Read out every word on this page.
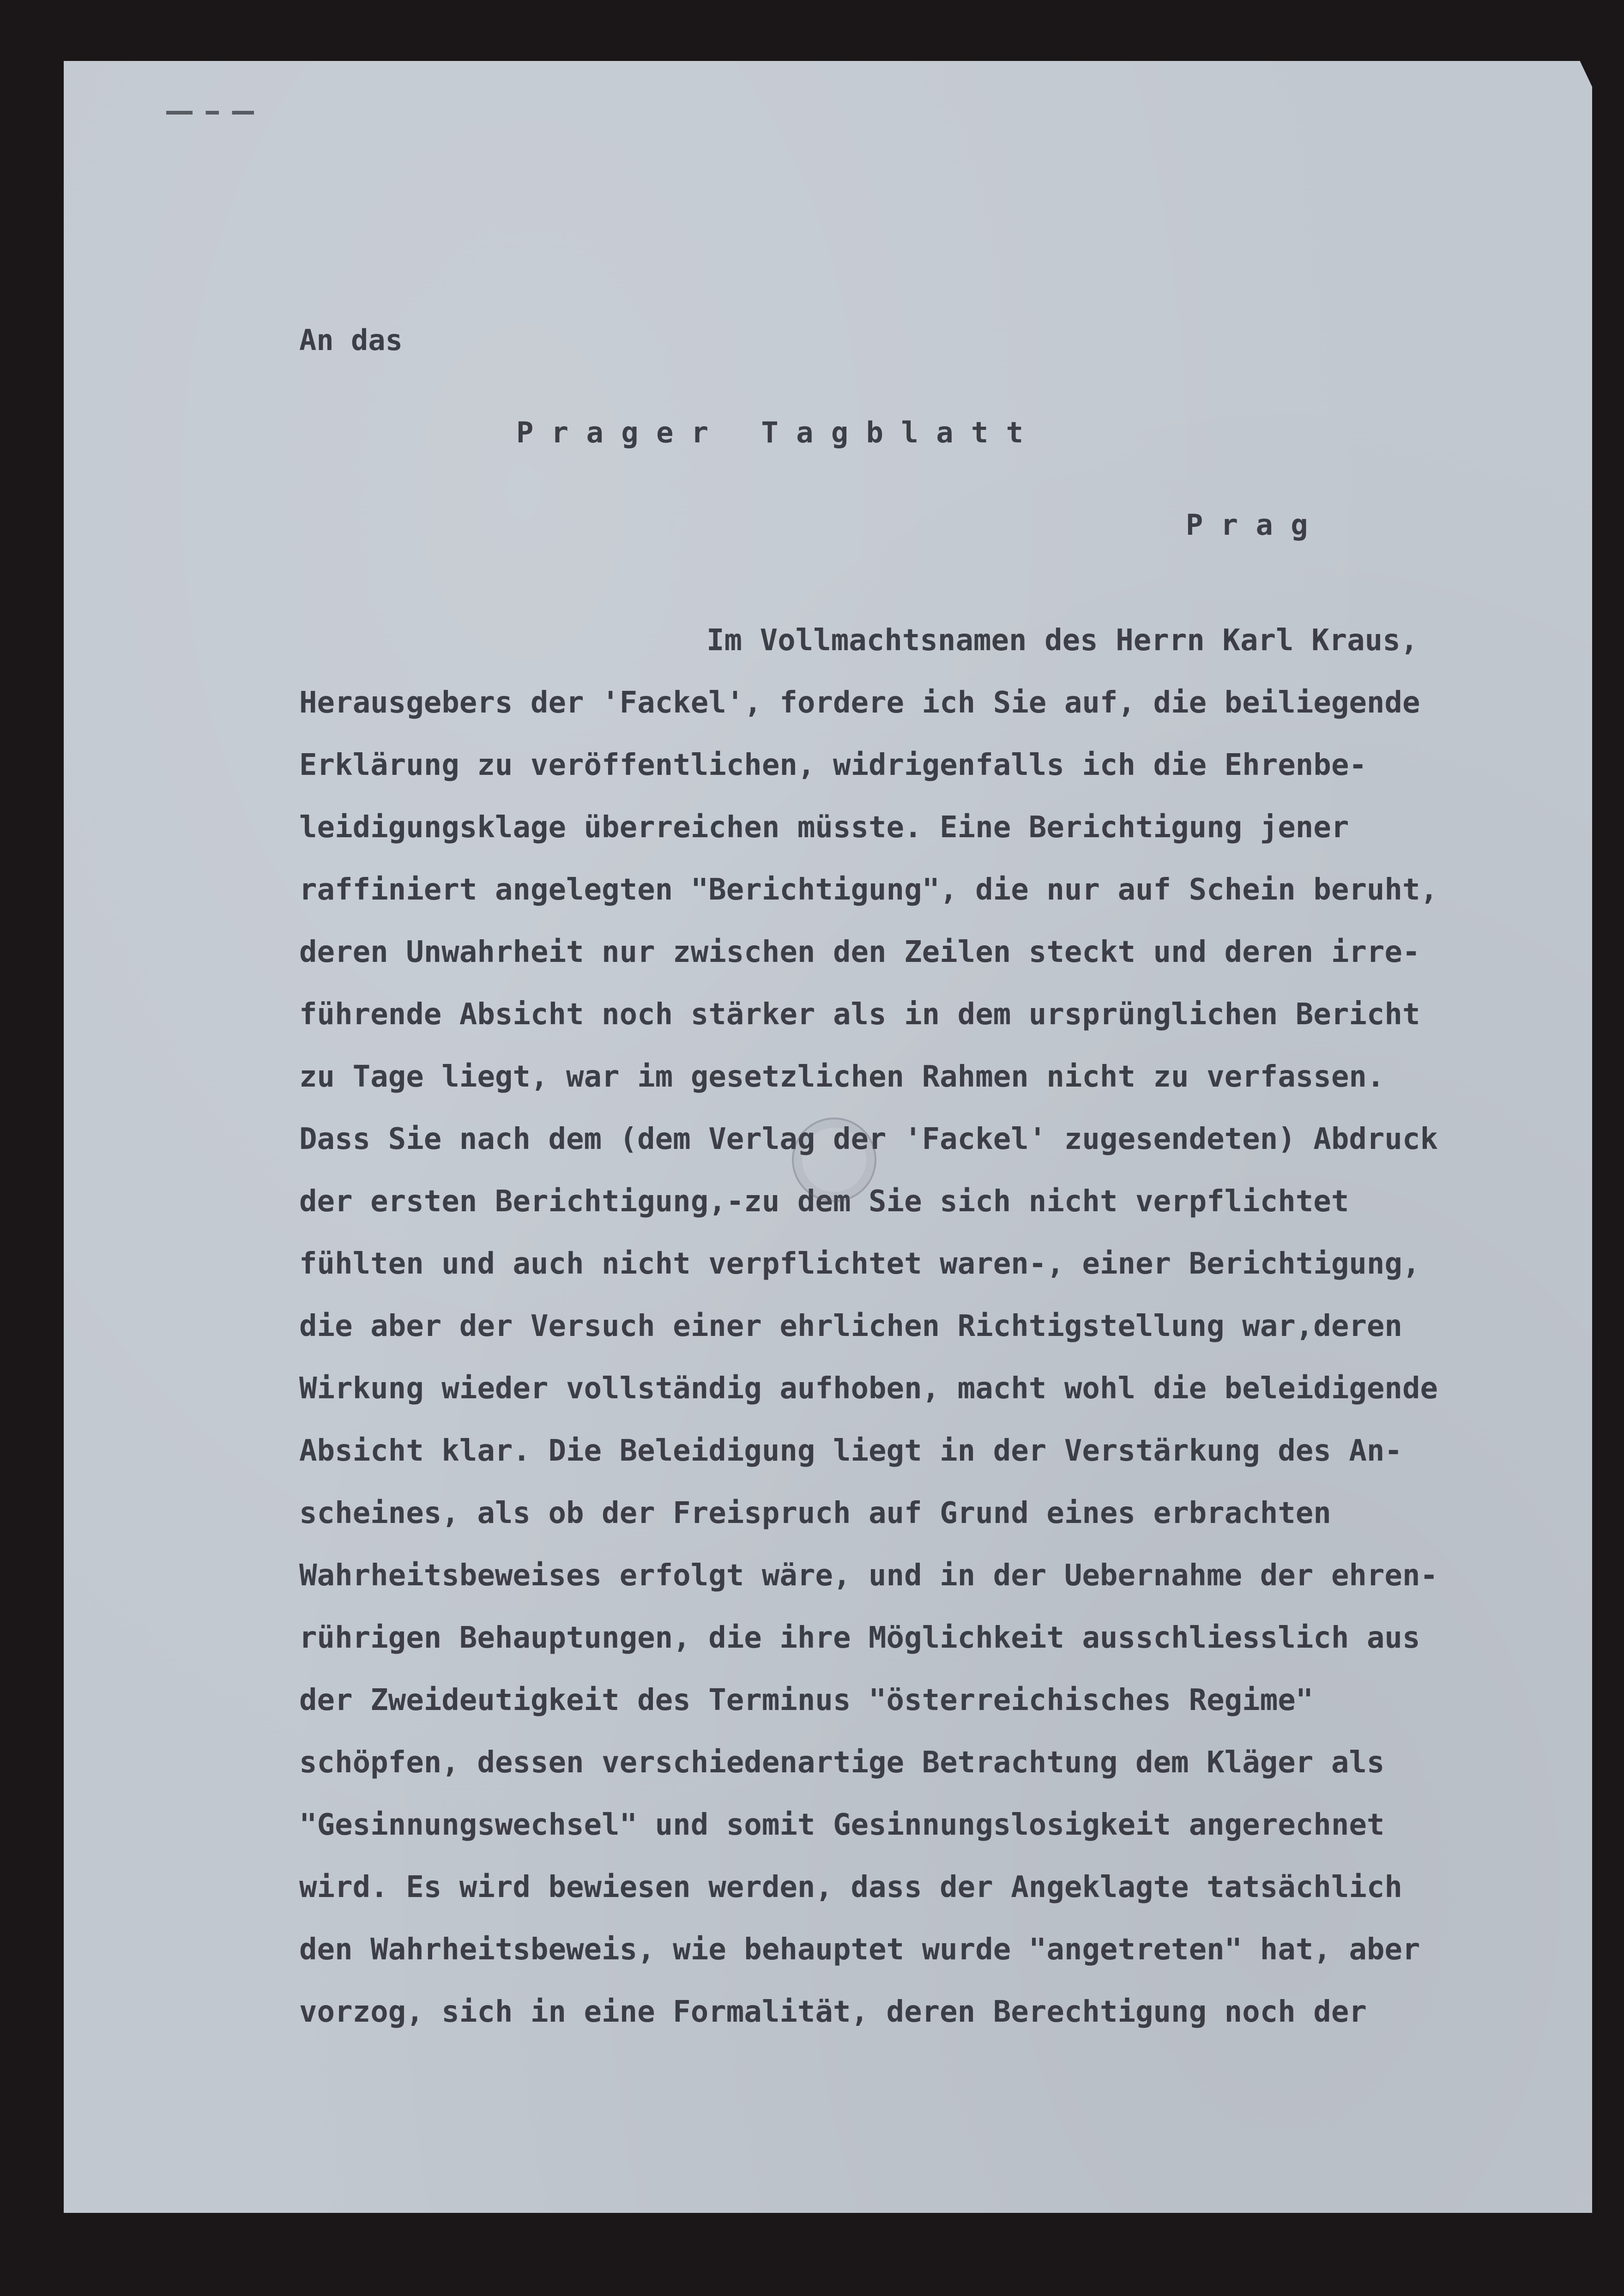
An das

Prager Tagblatt

Prag

Im Vollmachtsnamen des Herrn Karl Kraus,

Herausgebers der 'Fackel', fordere ich Sie auf, die beiliegende

Erklärung zu veröffentlichen, widrigenfalls ich die Ehrenbe-

leidigungsklage überreichen müsste. Eine Berichtigung jener

raffiniert angelegten "Berichtigung", die nur auf Schein beruht,

deren Unwahrheit nur zwischen den Zeilen steckt und deren irre-

führende Absicht noch stärker als in dem ursprünglichen Bericht

zu Tage liegt, war im gesetzlichen Rahmen nicht zu verfassen.

Dass Sie nach dem (dem Verlag der 'Fackel' zugesendeten) Abdruck

der ersten Berichtigung,-zu dem Sie sich nicht verpflichtet

fühlten und auch nicht verpflichtet waren-, einer Berichtigung,

die aber der Versuch einer ehrlichen Richtigstellung war,deren

Wirkung wieder vollständig aufhoben, macht wohl die beleidigende

Absicht klar. Die Beleidigung liegt in der Verstärkung des An-

scheines, als ob der Freispruch auf Grund eines erbrachten

Wahrheitsbeweises erfolgt wäre, und in der Uebernahme der ehren-

rührigen Behauptungen, die ihre Möglichkeit ausschliesslich aus

der Zweideutigkeit des Terminus "österreichisches Regime"

schöpfen, dessen verschiedenartige Betrachtung dem Kläger als

"Gesinnungswechsel" und somit Gesinnungslosigkeit angerechnet

wird. Es wird bewiesen werden, dass der Angeklagte tatsächlich

den Wahrheitsbeweis, wie behauptet wurde "angetreten" hat, aber

vorzog, sich in eine Formalität, deren Berechtigung noch der
